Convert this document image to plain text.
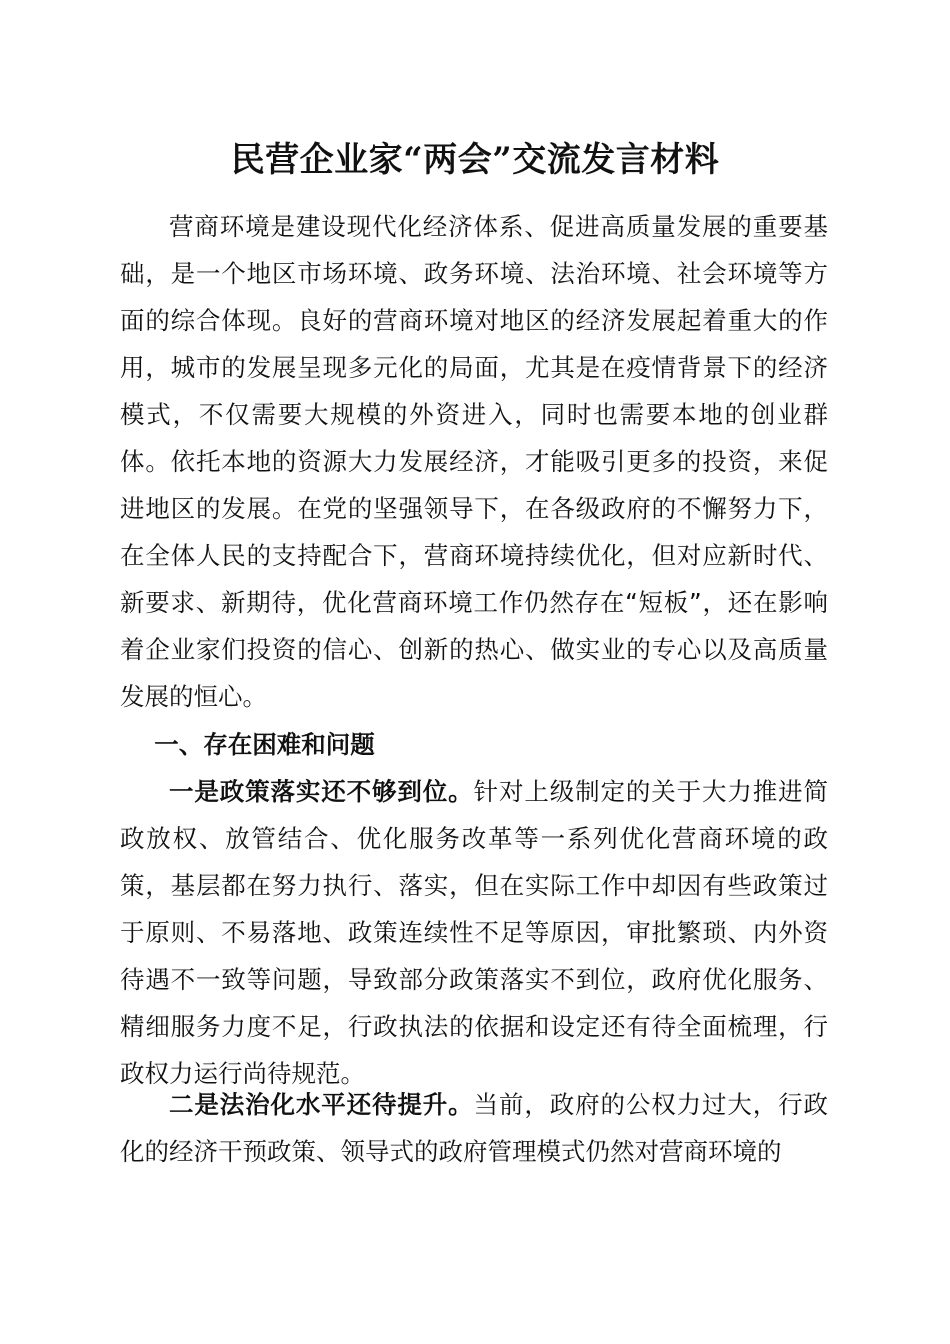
民营企业家“两会”交流发言材料

营商环境是建设现代化经济体系、促进高质量发展的重要基础，是一个地区市场环境、政务环境、法治环境、社会环境等方面的综合体现。良好的营商环境对地区的经济发展起着重大的作用，城市的发展呈现多元化的局面，尤其是在疫情背景下的经济模式，不仅需要大规模的外资进入，同时也需要本地的创业群体。依托本地的资源大力发展经济，才能吸引更多的投资，来促进地区的发展。在党的坚强领导下，在各级政府的不懈努力下，在全体人民的支持配合下，营商环境持续优化，但对应新时代、新要求、新期待，优化营商环境工作仍然存在“短板”，还在影响着企业家们投资的信心、创新的热心、做实业的专心以及高质量发展的恒心。

一、存在困难和问题

一是政策落实还不够到位。针对上级制定的关于大力推进简政放权、放管结合、优化服务改革等一系列优化营商环境的政策，基层都在努力执行、落实，但在实际工作中却因有些政策过于原则、不易落地、政策连续性不足等原因，审批繁琐、内外资待遇不一致等问题，导致部分政策落实不到位，政府优化服务、精细服务力度不足，行政执法的依据和设定还有待全面梳理，行政权力运行尚待规范。

二是法治化水平还待提升。当前，政府的公权力过大，行政化的经济干预政策、领导式的政府管理模式仍然对营商环境的
